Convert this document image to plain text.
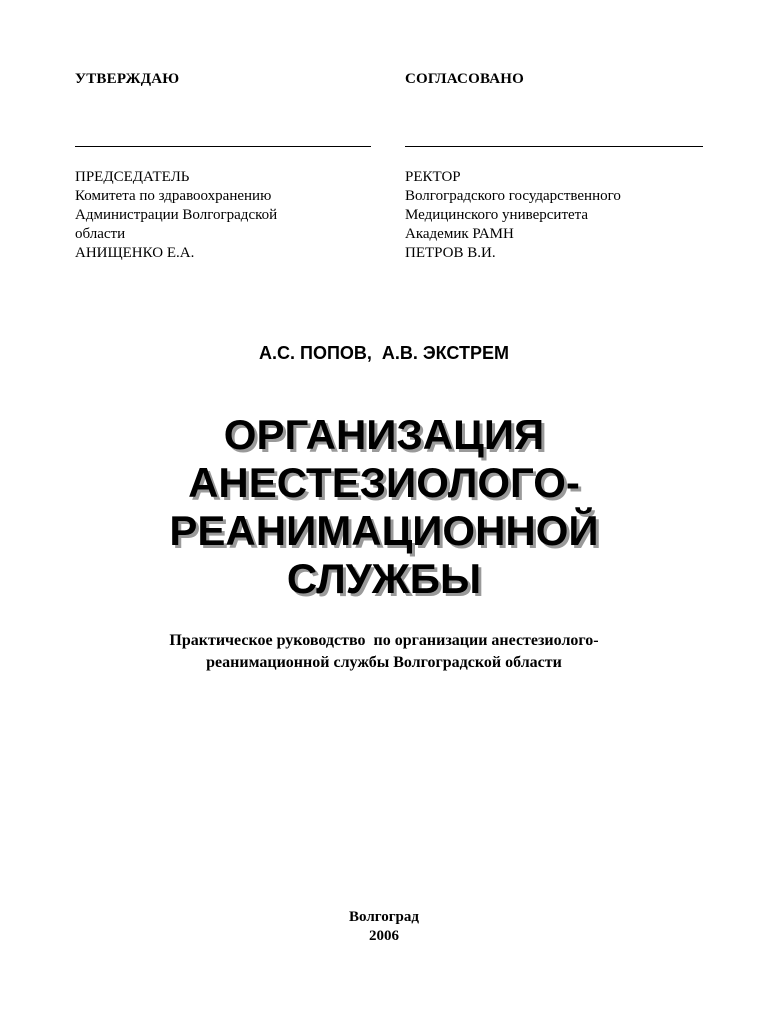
УТВЕРЖДАЮ
ПРЕДСЕДАТЕЛЬ
Комитета по здравоохранению
Администрации Волгоградской
области
АНИЩЕНКО Е.А.
СОГЛАСОВАНО
РЕКТОР
Волгоградского государственного
Медицинского университета
Академик РАМН
ПЕТРОВ В.И.
А.С. ПОПОВ,  А.В. ЭКСТРЕМ
ОРГАНИЗАЦИЯ
АНЕСТЕЗИОЛОГО-
РЕАНИМАЦИОННОЙ
СЛУЖБЫ
Практическое руководство  по организации анестезиолого-
реанимационной службы Волгоградской области
Волгоград
2006
